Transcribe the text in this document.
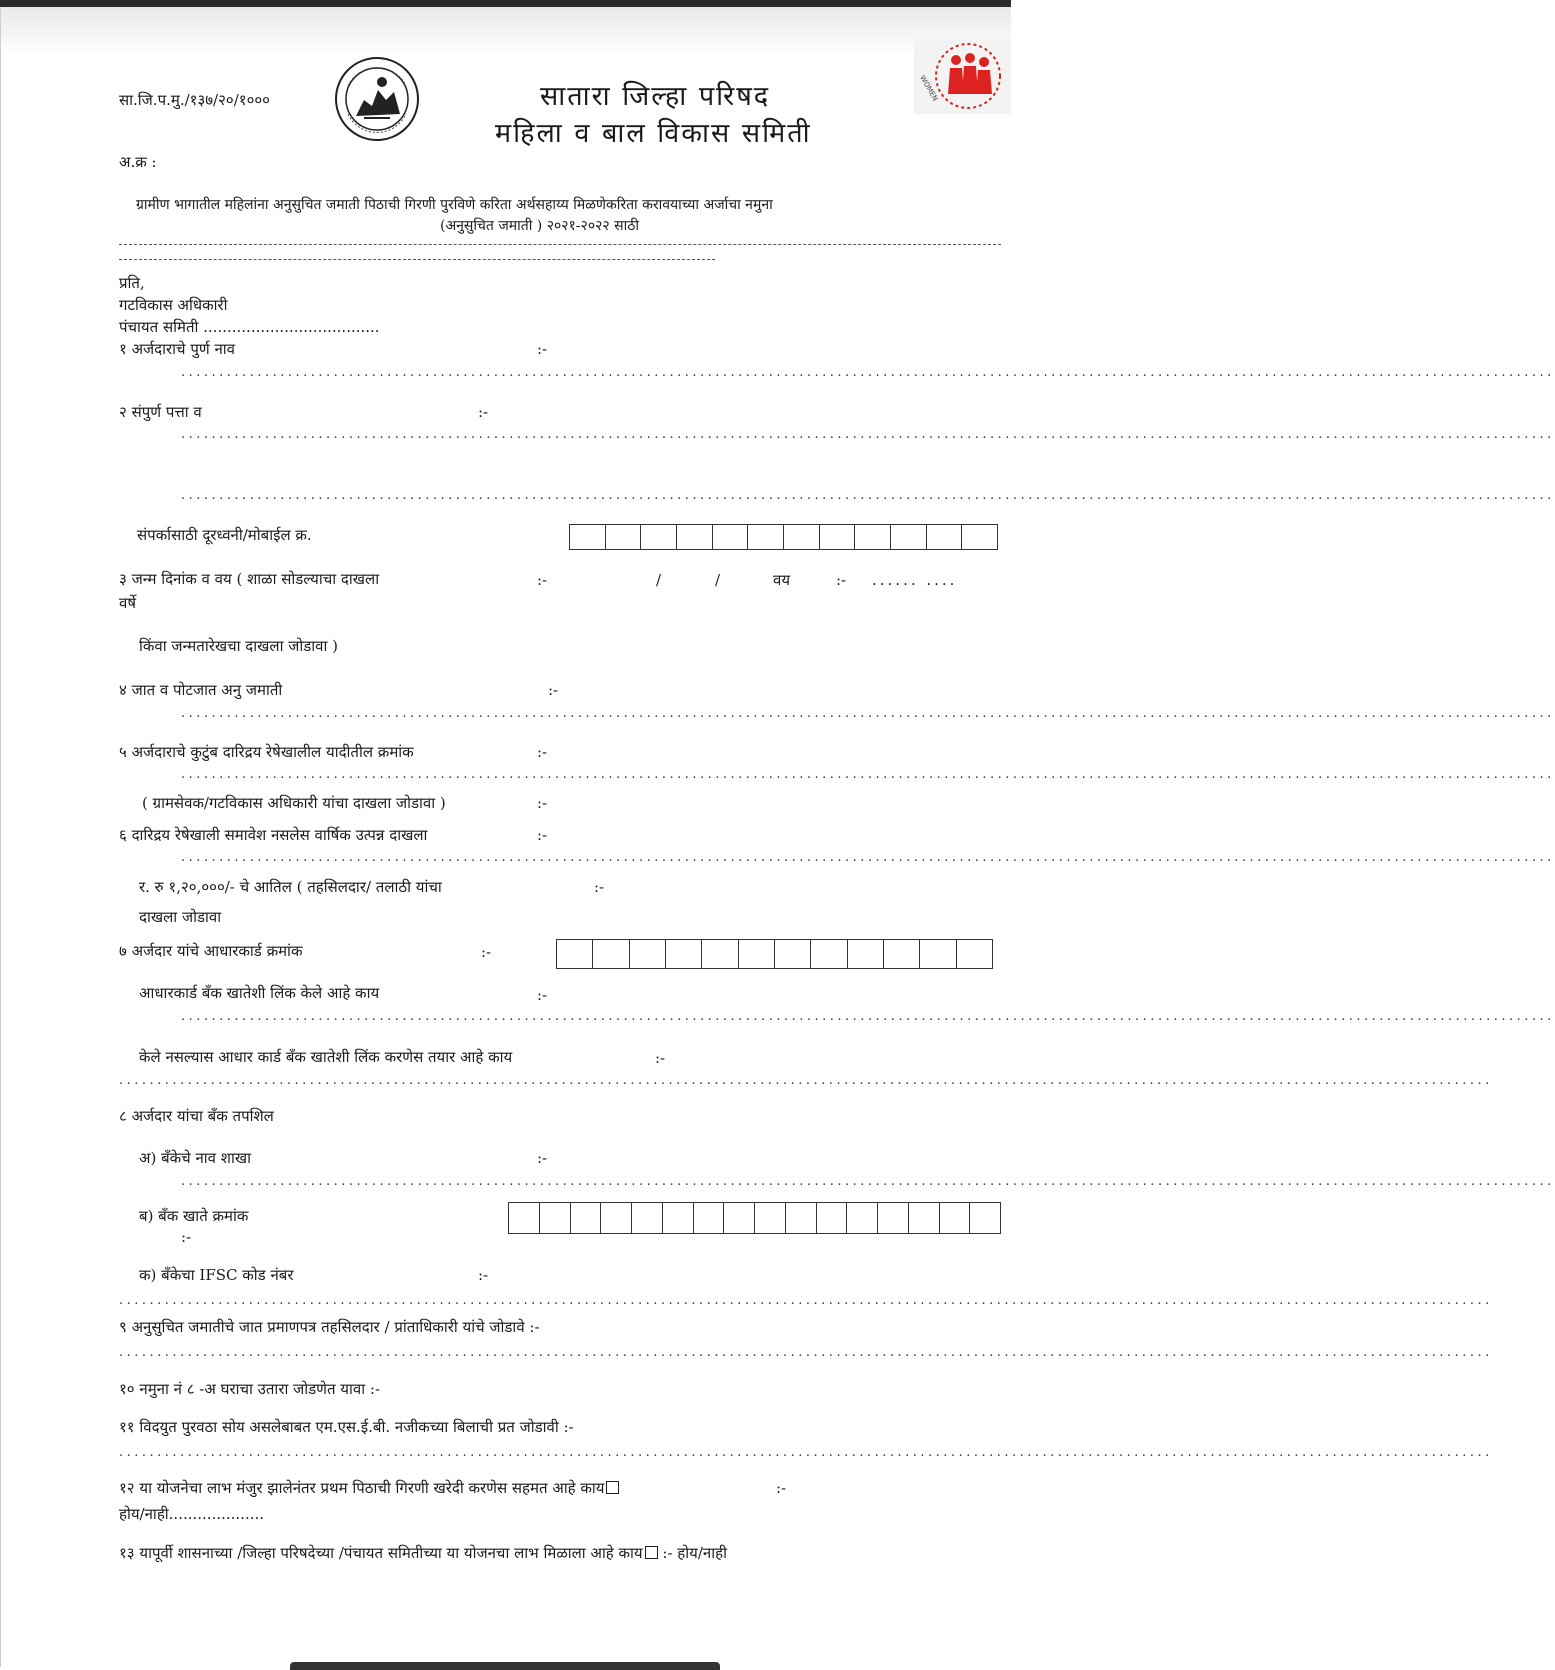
सा.जि.प.मु./१३७/२०/१०००	सातारा जिल्हा परिषद
महिला व बाल विकास समिती
WOMEN
अ.क्र :
ग्रामीण भागातील महिलांना अनुसुचित जमाती पिठाची गिरणी पुरविणे करिता अर्थसहाय्य मिळणेकरिता करावयाच्या अर्जाचा नमुना
(अनुसुचित जमाती ) २०२१-२०२२ साठी
प्रति,
गटविकास अधिकारी
पंचायत समिती .....................................
१ अर्जदाराचे पुर्ण नाव	:-
....................................................................................................................................................................................
२ संपुर्ण पत्ता व	:-
....................................................................................................................................................................................
....................................................................................................................................................................................
संपर्कासाठी दूरध्वनी/मोबाईल क्र.
३ जन्म दिनांक व वय ( शाळा सोडल्याचा दाखला	:-	/	/	वय	:- ...... ....
वर्षे
किंवा जन्मतारेखचा दाखला जोडावा )
४ जात व पोटजात अनु जमाती	:-
....................................................................................................................................................................................
५ अर्जदाराचे कुटुंब दारिद्रय रेषेखालील यादीतील क्रमांक	:-
....................................................................................................................................................................................
( ग्रामसेवक/गटविकास अधिकारी यांचा दाखला जोडावा )	:-
६ दारिद्रय रेषेखाली समावेश नसलेस वार्षिक उत्पन्न दाखला	:-
....................................................................................................................................................................................
र. रु १,२०,०००/- चे आतिल ( तहसिलदार/ तलाठी यांचा	:-
दाखला जोडावा
७ अर्जदार यांचे आधारकार्ड क्रमांक	:-
आधारकार्ड बँक खातेशी लिंक केले आहे काय	:-
....................................................................................................................................................................................
केले नसल्यास आधार कार्ड बँक खातेशी लिंक करणेस तयार आहे काय	:-
....................................................................................................................................................................................
८ अर्जदार यांचा बँक तपशिल
अ) बँकेचे नाव शाखा	:-
....................................................................................................................................................................................
ब) बँक खाते क्रमांक
:-
क) बँकेचा IFSC कोड नंबर	:-
....................................................................................................................................................................................
९ अनुसुचित जमातीचे जात प्रमाणपत्र तहसिलदार / प्रांताधिकारी यांचे जोडावे :-
....................................................................................................................................................................................
१० नमुना नं ८ -अ घराचा उतारा जोडणेत यावा :-
११ विदयुत पुरवठा सोय असलेबाबत एम.एस.ई.बी. नजीकच्या बिलाची प्रत जोडावी :-
....................................................................................................................................................................................
१२ या योजनेचा लाभ मंजुर झालेनंतर प्रथम पिठाची गिरणी खरेदी करणेस सहमत आहे काय	:-
होय/नाही....................
१३ यापूर्वी शासनाच्या /जिल्हा परिषदेच्या /पंचायत समितीच्या या योजनचा लाभ मिळाला आहे काय :- होय/नाही
